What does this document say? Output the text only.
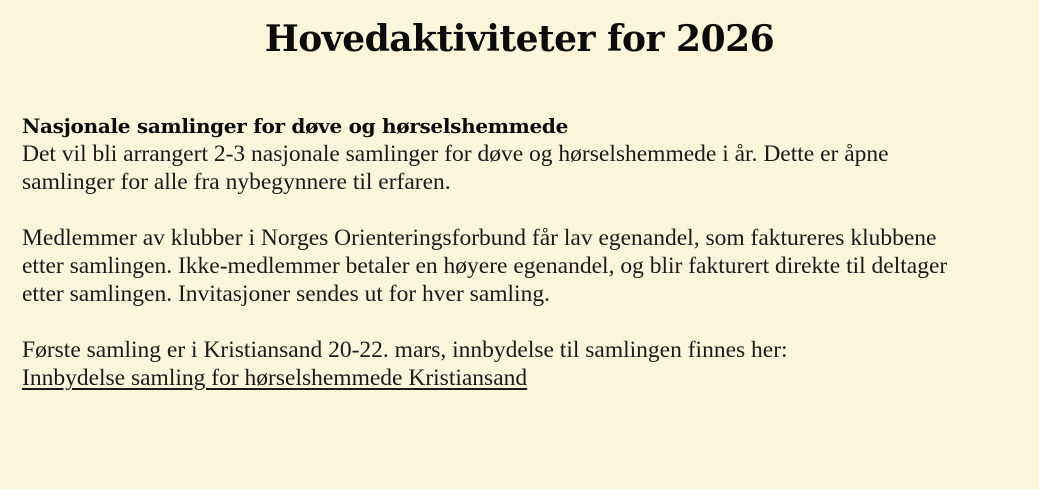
Hovedaktiviteter for 2026
Nasjonale samlinger for døve og hørselshemmede

Det vil bli arrangert 2-3 nasjonale samlinger for døve og hørselshemmede i år. Dette er åpne samlinger for alle fra nybegynnere til erfaren.

Medlemmer av klubber i Norges Orienteringsforbund får lav egenandel, som faktureres klubbene etter samlingen. Ikke-medlemmer betaler en høyere egenandel, og blir fakturert direkte til deltager etter samlingen. Invitasjoner sendes ut for hver samling.

Første samling er i Kristiansand 20-22. mars, innbydelse til samlingen finnes her:
Innbydelse samling for hørselshemmede Kristiansand
